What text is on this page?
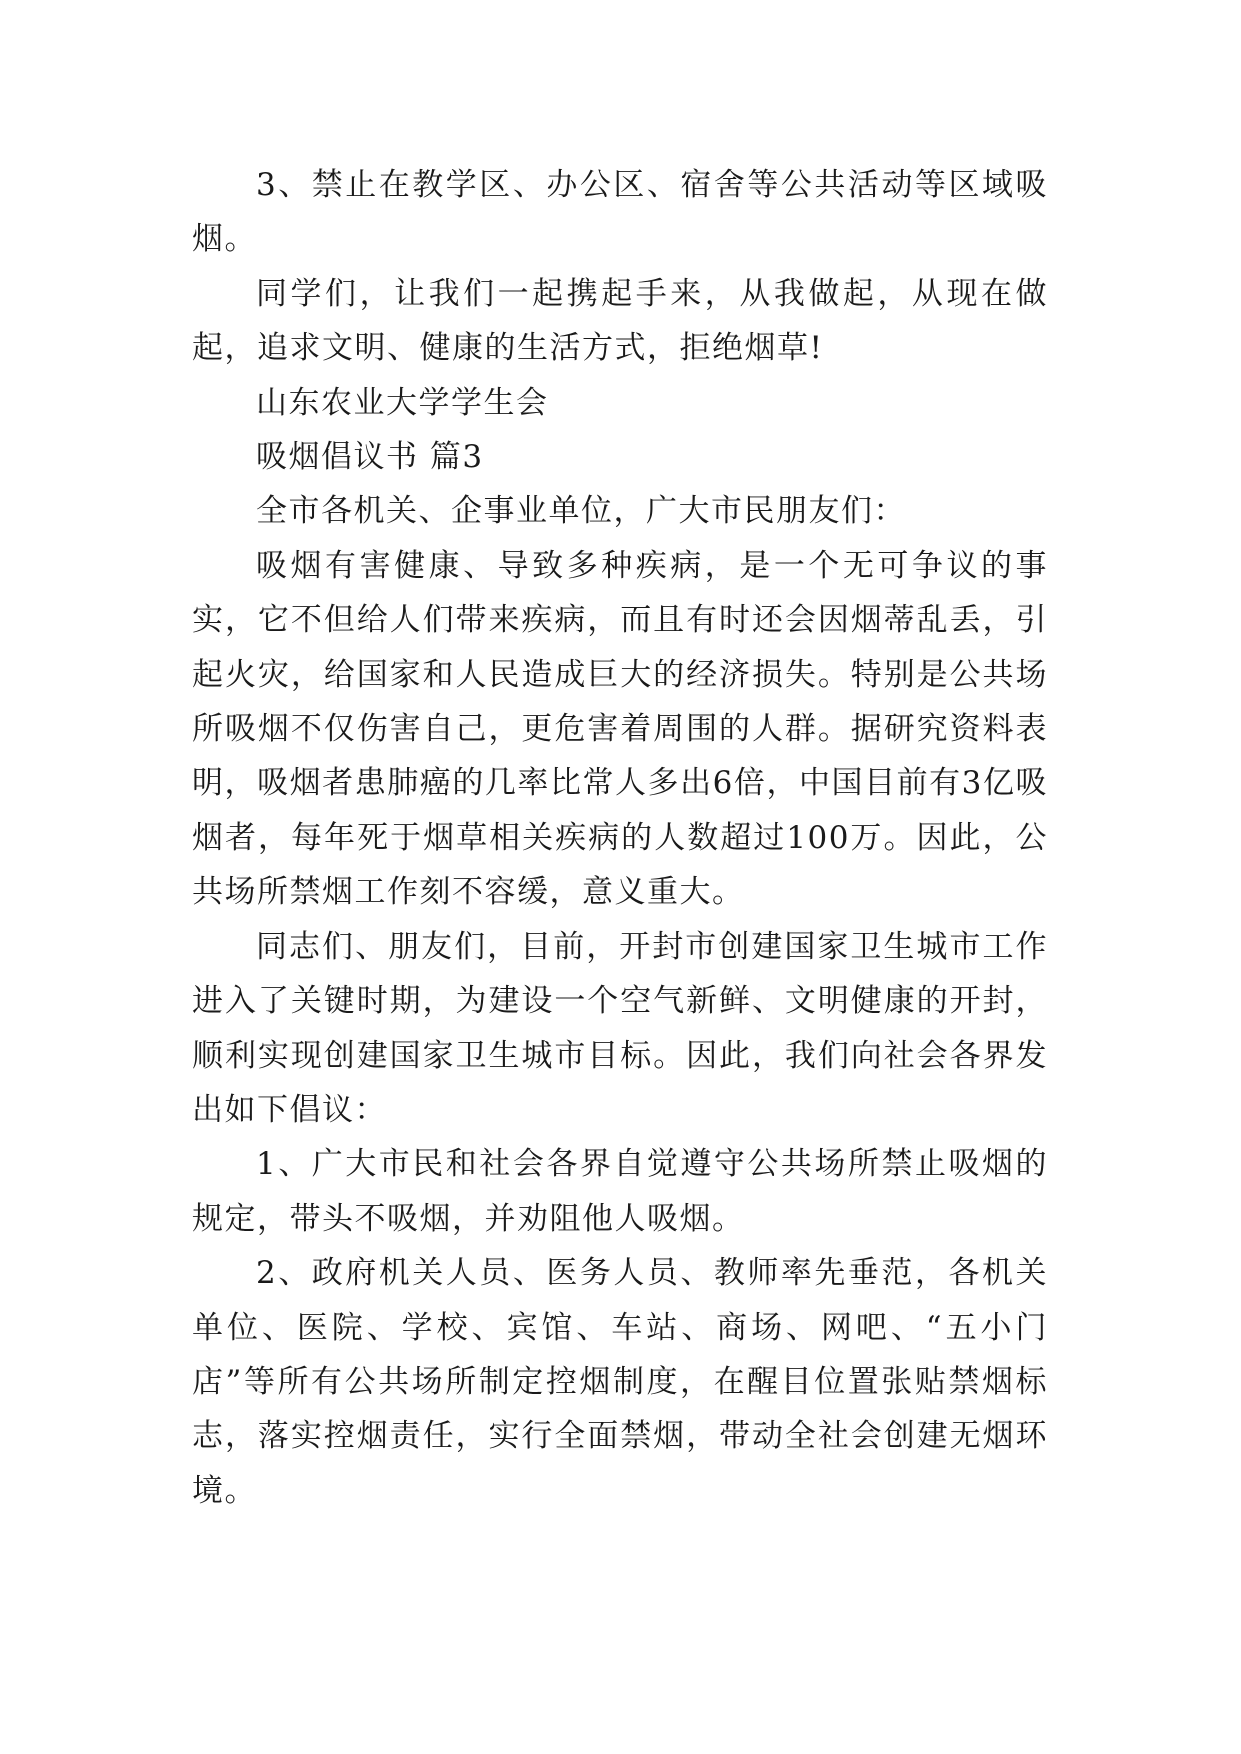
3、禁止在教学区、办公区、宿舍等公共活动等区域吸烟。

同学们，让我们一起携起手来，从我做起，从现在做起，追求文明、健康的生活方式，拒绝烟草!

山东农业大学学生会

吸烟倡议书 篇3

全市各机关、企事业单位，广大市民朋友们：

吸烟有害健康、导致多种疾病，是一个无可争议的事实，它不但给人们带来疾病，而且有时还会因烟蒂乱丢，引起火灾，给国家和人民造成巨大的经济损失。特别是公共场所吸烟不仅伤害自己，更危害着周围的人群。据研究资料表明，吸烟者患肺癌的几率比常人多出6倍，中国目前有3亿吸烟者，每年死于烟草相关疾病的人数超过100万。因此，公共场所禁烟工作刻不容缓，意义重大。

同志们、朋友们，目前，开封市创建国家卫生城市工作进入了关键时期，为建设一个空气新鲜、文明健康的开封，顺利实现创建国家卫生城市目标。因此，我们向社会各界发出如下倡议：

1、广大市民和社会各界自觉遵守公共场所禁止吸烟的规定，带头不吸烟，并劝阻他人吸烟。

2、政府机关人员、医务人员、教师率先垂范，各机关单位、医院、学校、宾馆、车站、商场、网吧、“五小门店”等所有公共场所制定控烟制度，在醒目位置张贴禁烟标志，落实控烟责任，实行全面禁烟，带动全社会创建无烟环境。
